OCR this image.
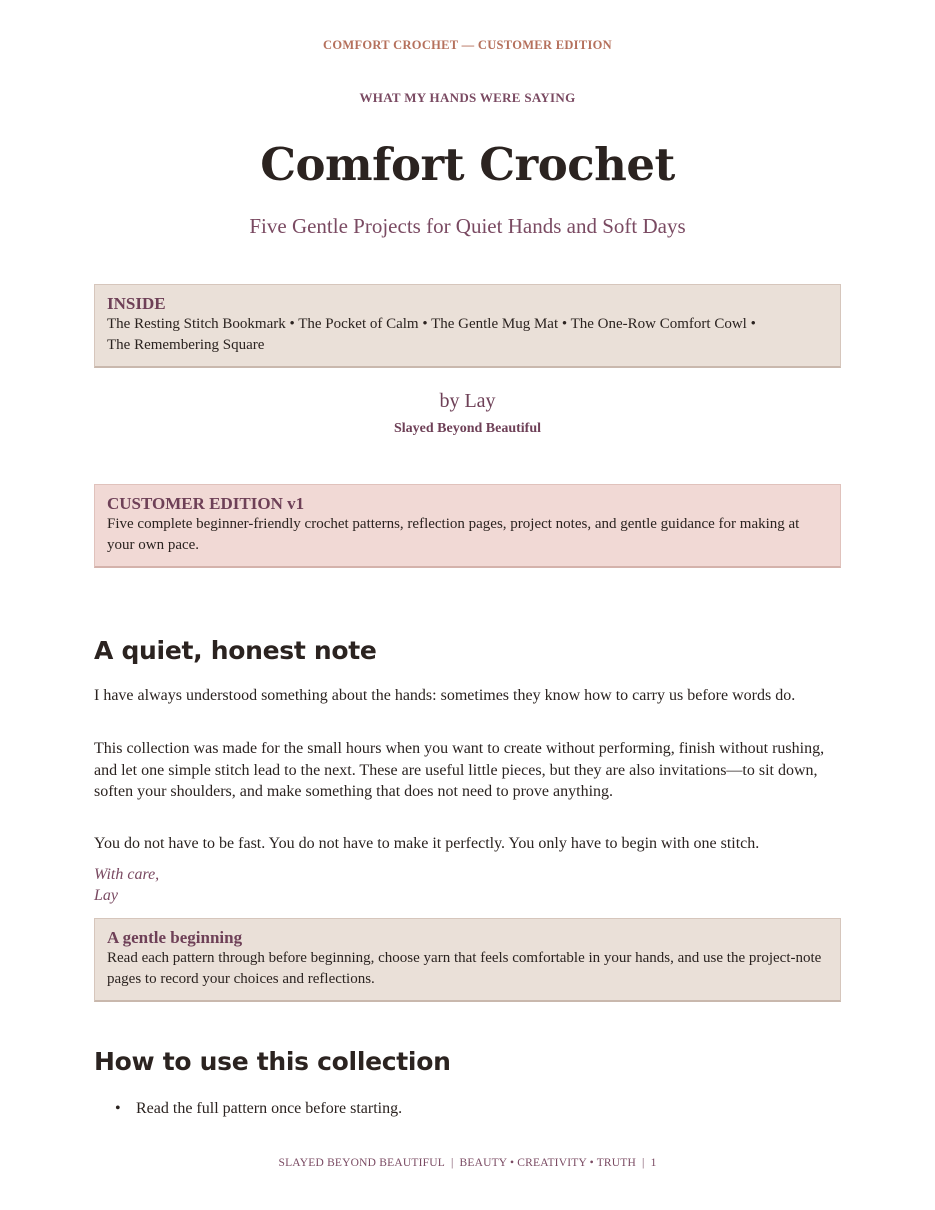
COMFORT CROCHET — CUSTOMER EDITION
WHAT MY HANDS WERE SAYING
Comfort Crochet
Five Gentle Projects for Quiet Hands and Soft Days
INSIDE
The Resting Stitch Bookmark • The Pocket of Calm • The Gentle Mug Mat • The One-Row Comfort Cowl •
The Remembering Square
by Lay
Slayed Beyond Beautiful
CUSTOMER EDITION v1
Five complete beginner-friendly crochet patterns, reflection pages, project notes, and gentle guidance for making at your own pace.
A quiet, honest note
I have always understood something about the hands: sometimes they know how to carry us before words do.
This collection was made for the small hours when you want to create without performing, finish without rushing, and let one simple stitch lead to the next. These are useful little pieces, but they are also invitations—to sit down, soften your shoulders, and make something that does not need to prove anything.
You do not have to be fast. You do not have to make it perfectly. You only have to begin with one stitch.
With care,
Lay
A gentle beginning
Read each pattern through before beginning, choose yarn that feels comfortable in your hands, and use the project-note pages to record your choices and reflections.
How to use this collection
• Read the full pattern once before starting.
SLAYED BEYOND BEAUTIFUL | BEAUTY • CREATIVITY • TRUTH | 1
